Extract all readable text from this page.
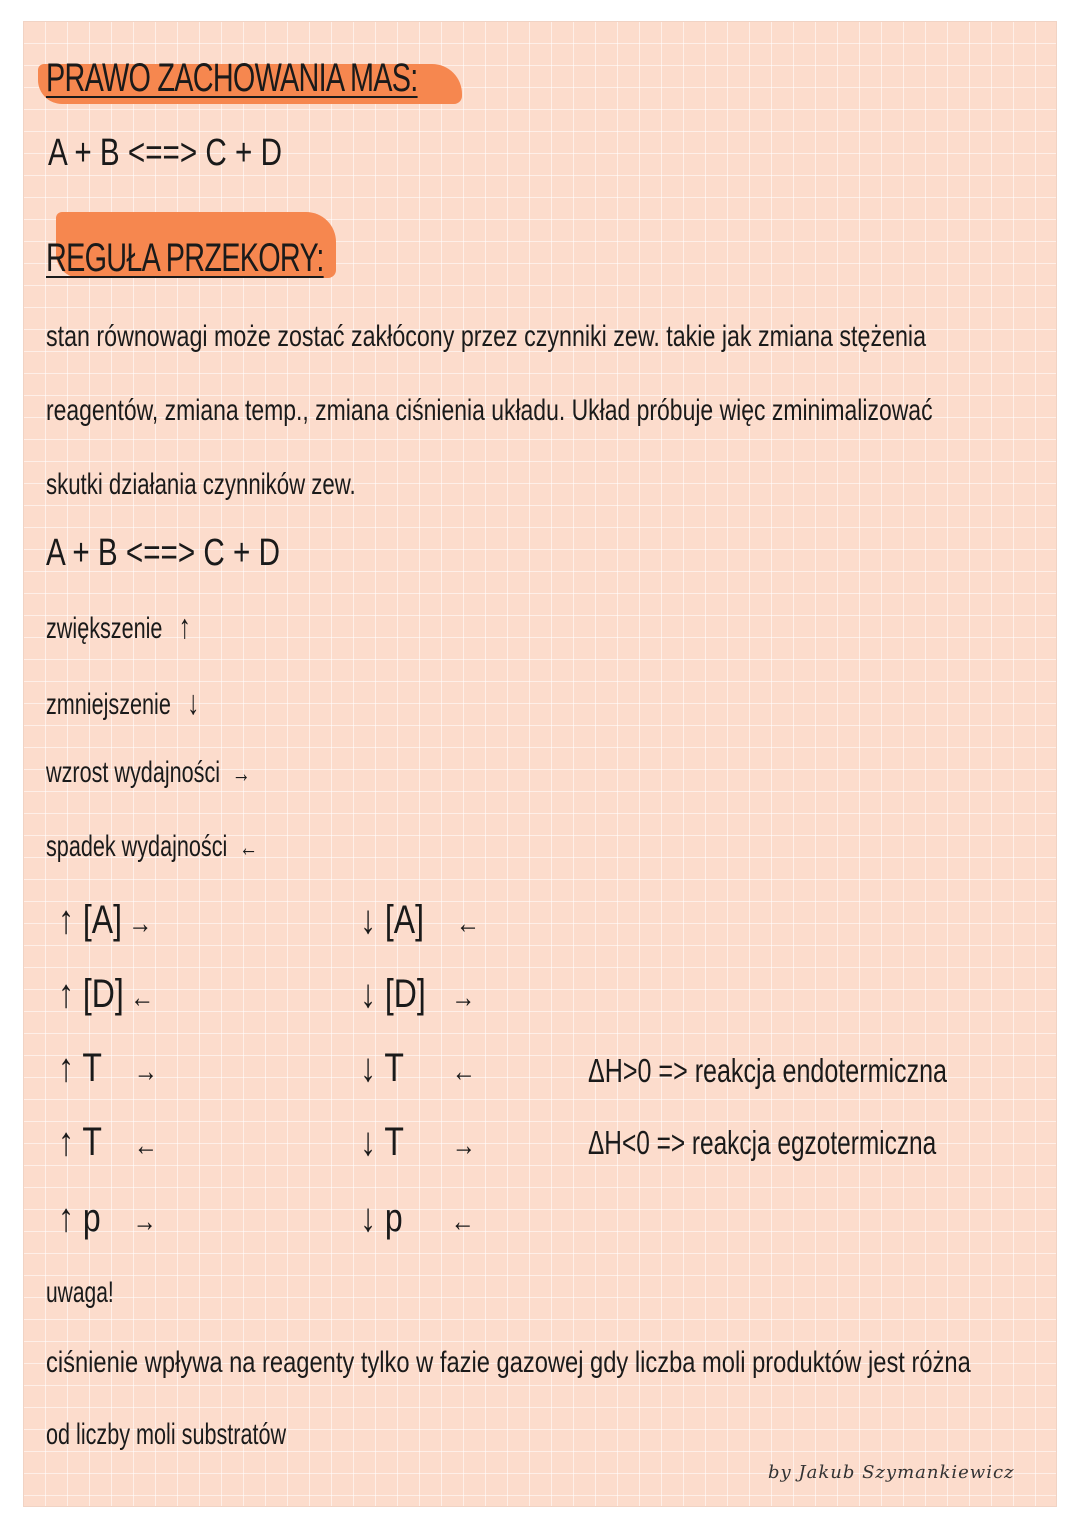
PRAWO ZACHOWANIA MAS:
A + B <==> C + D
REGUŁA PRZEKORY:
stan równowagi może zostać zakłócony przez czynniki zew. takie jak zmiana stężenia
reagentów, zmiana temp., zmiana ciśnienia układu. Układ próbuje więc zminimalizować
skutki działania czynników zew.
A + B <==> C + D
zwiększenie ↑
zmniejszenie ↓
wzrost wydajności →
spadek wydajności ←
↑ [A] →	↓ [A] ←
↑ [D] ←	↓ [D] →
↑ T →	↓ T ←	ΔH>0 => reakcja endotermiczna
↑ T ←	↓ T →	ΔH<0 => reakcja egzotermiczna
↑ p →	↓ p ←
uwaga!
ciśnienie wpływa na reagenty tylko w fazie gazowej gdy liczba moli produktów jest różna
od liczby moli substratów
by Jakub Szymankiewicz
